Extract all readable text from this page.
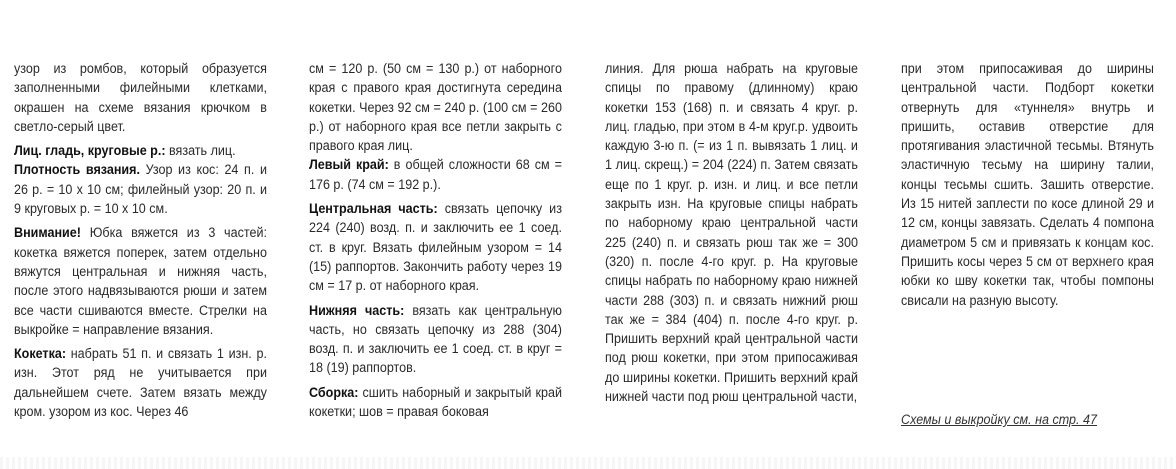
узор из ромбов, который образуется заполненными филейными клетками, окрашен на схеме вязания крючком в светло-серый цвет.

Лиц. гладь, круговые р.: вязать лиц.

Плотность вязания. Узор из кос: 24 п. и 26 р. = 10 х 10 см; филейный узор: 20 п. и 9 круговых р. = 10 х 10 см.

Внимание! Юбка вяжется из 3 частей: кокетка вяжется поперек, затем отдельно вяжутся центральная и нижняя часть, после этого надвязываются рюши и затем все части сшиваются вместе. Стрелки на выкройке = направление вязания.

Кокетка: набрать 51 п. и связать 1 изн. р. изн. Этот ряд не учитывается при дальнейшем счете. Затем вязать между кром. узором из кос. Через 46

см = 120 р. (50 см = 130 р.) от наборного края с правого края достигнута середина кокетки. Через 92 см = 240 р. (100 см = 260 р.) от наборного края все петли закрыть с правого края лиц.

Левый край: в общей сложности 68 см = 176 р. (74 см = 192 р.).

Центральная часть: связать цепочку из 224 (240) возд. п. и заключить ее 1 соед. ст. в круг. Вязать филейным узором = 14 (15) раппортов. Закончить работу через 19 см = 17 р. от наборного края.

Нижняя часть: вязать как центральную часть, но связать цепочку из 288 (304) возд. п. и заключить ее 1 соед. ст. в круг = 18 (19) раппортов.

Сборка: сшить наборный и закрытый край кокетки; шов = правая боковая

линия. Для рюша набрать на круговые спицы по правому (длинному) краю кокетки 153 (168) п. и связать 4 круг. р. лиц. гладью, при этом в 4-м круг.р. удвоить каждую 3-ю п. (= из 1 п. вывязать 1 лиц. и 1 лиц. скрещ.) = 204 (224) п. Затем связать еще по 1 круг. р. изн. и лиц. и все петли закрыть изн. На круговые спицы набрать по наборному краю центральной части 225 (240) п. и связать рюш так же = 300 (320) п. после 4-го круг. р. На круговые спицы набрать по наборному краю нижней части 288 (303) п. и связать нижний рюш так же = 384 (404) п. после 4-го круг. р. Пришить верхний край центральной части под рюш кокетки, при этом припосаживая до ширины кокетки. Пришить верхний край нижней части под рюш центральной части,

при этом припосаживая до ширины центральной части. Подборт кокетки отвернуть для «туннеля» внутрь и пришить, оставив отверстие для протягивания эластичной тесьмы. Втянуть эластичную тесьму на ширину талии, концы тесьмы сшить. Зашить отверстие. Из 15 нитей заплести по косе длиной 29 и 12 см, концы завязать. Сделать 4 помпона диаметром 5 см и привязать к концам кос. Пришить косы через 5 см от верхнего края юбки ко шву кокетки так, чтобы помпоны свисали на разную высоту.

Схемы и выкройку см. на стр. 47
